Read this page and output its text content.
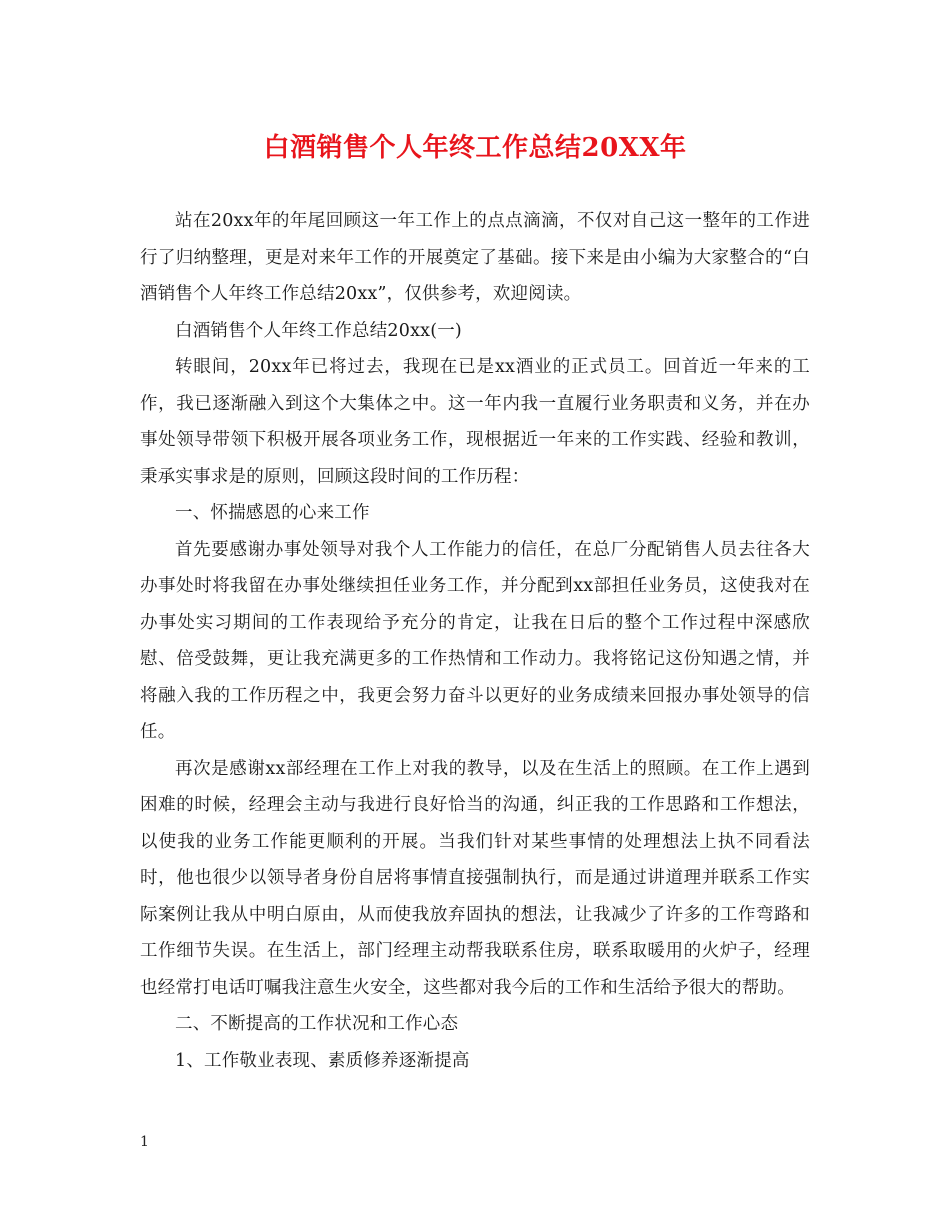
白酒销售个人年终工作总结20XX年

站在20xx年的年尾回顾这一年工作上的点点滴滴，不仅对自己这一整年的工作进行了归纳整理，更是对来年工作的开展奠定了基础。接下来是由小编为大家整合的“白酒销售个人年终工作总结20xx”，仅供参考，欢迎阅读。

白酒销售个人年终工作总结20xx(一)

转眼间，20xx年已将过去，我现在已是xx酒业的正式员工。回首近一年来的工作，我已逐渐融入到这个大集体之中。这一年内我一直履行业务职责和义务，并在办事处领导带领下积极开展各项业务工作，现根据近一年来的工作实践、经验和教训，秉承实事求是的原则，回顾这段时间的工作历程：

一、怀揣感恩的心来工作

首先要感谢办事处领导对我个人工作能力的信任，在总厂分配销售人员去往各大办事处时将我留在办事处继续担任业务工作，并分配到xx部担任业务员，这使我对在办事处实习期间的工作表现给予充分的肯定，让我在日后的整个工作过程中深感欣慰、倍受鼓舞，更让我充满更多的工作热情和工作动力。我将铭记这份知遇之情，并将融入我的工作历程之中，我更会努力奋斗以更好的业务成绩来回报办事处领导的信任。

再次是感谢xx部经理在工作上对我的教导，以及在生活上的照顾。在工作上遇到困难的时候，经理会主动与我进行良好恰当的沟通，纠正我的工作思路和工作想法，以使我的业务工作能更顺利的开展。当我们针对某些事情的处理想法上执不同看法时，他也很少以领导者身份自居将事情直接强制执行，而是通过讲道理并联系工作实际案例让我从中明白原由，从而使我放弃固执的想法，让我减少了许多的工作弯路和工作细节失误。在生活上，部门经理主动帮我联系住房，联系取暖用的火炉子，经理也经常打电话叮嘱我注意生火安全，这些都对我今后的工作和生活给予很大的帮助。

二、不断提高的工作状况和工作心态

1、工作敬业表现、素质修养逐渐提高

1
